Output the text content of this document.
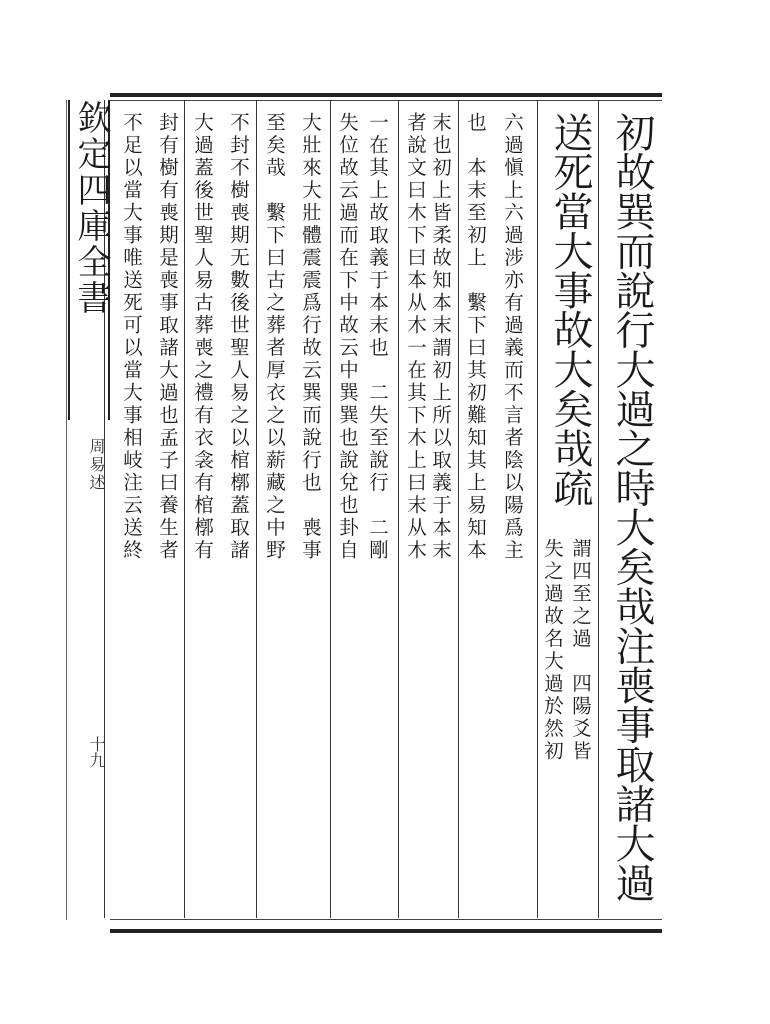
欽定四庫全書
周易述
十九	初故巽而說行大過之時大矣哉注喪事取諸大過
送死當大事故大矣哉疏
謂四至之過　四陽爻皆
失之過故名大過於然初
六過愼上六過涉亦有過義而不言者陰以陽爲主
也　本末至初上　繫下曰其初難知其上易知本
末也初上皆柔故知本末謂初上所以取義于本末
者說文曰木下曰本从木一在其下木上曰末从木
一在其上故取義于本末也　二失至說行　二剛
失位故云過而在下中故云中巽巽也說兌也卦自
大壯來大壯體震震爲行故云巽而說行也　喪事
至矣哉　繫下曰古之葬者厚衣之以薪藏之中野
不封不樹喪期无數後世聖人易之以棺槨蓋取諸
大過蓋後世聖人易古葬喪之禮有衣衾有棺槨有
封有樹有喪期是喪事取諸大過也孟子曰養生者
不足以當大事唯送死可以當大事相岐注云送終
